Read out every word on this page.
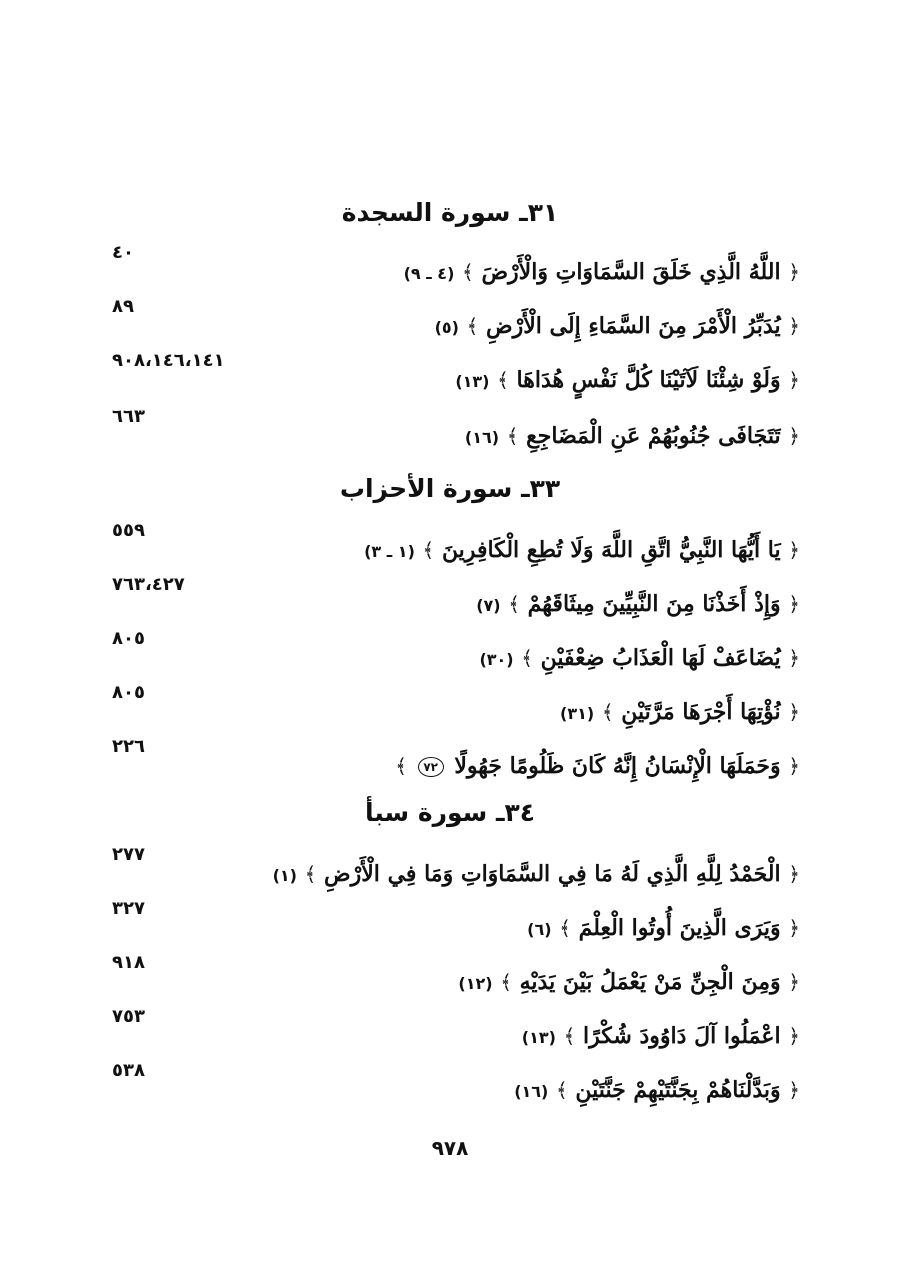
٣١ـ سورة السجدة
٤٠
﴿ اللَّهُ الَّذِي خَلَقَ السَّمَاوَاتِ وَالْأَرْضَ ﴾ (٤ ـ ٩)
٨٩
﴿ يُدَبِّرُ الْأَمْرَ مِنَ السَّمَاءِ إِلَى الْأَرْضِ ﴾ (٥)
٩٠٨،١٤٦،١٤١
﴿ وَلَوْ شِئْنَا لَآتَيْنَا كُلَّ نَفْسٍ هُدَاهَا ﴾ (١٣)
٦٦٣
﴿ تَتَجَافَى جُنُوبُهُمْ عَنِ الْمَضَاجِعِ ﴾ (١٦)
٣٣ـ سورة الأحزاب
٥٥٩
﴿ يَا أَيُّهَا النَّبِيُّ اتَّقِ اللَّهَ وَلَا تُطِعِ الْكَافِرِينَ ﴾ (١ ـ ٣)
٧٦٣،٤٢٧
﴿ وَإِذْ أَخَذْنَا مِنَ النَّبِيِّينَ مِيثَاقَهُمْ ﴾ (٧)
٨٠٥
﴿ يُضَاعَفْ لَهَا الْعَذَابُ ضِعْفَيْنِ ﴾ (٣٠)
٨٠٥
﴿ نُؤْتِهَا أَجْرَهَا مَرَّتَيْنِ ﴾ (٣١)
٢٢٦
﴿ وَحَمَلَهَا الْإِنْسَانُ إِنَّهُ كَانَ ظَلُومًا جَهُولًا ٧٢ ﴾
٣٤ـ سورة سبأ
٢٧٧
﴿ الْحَمْدُ لِلَّهِ الَّذِي لَهُ مَا فِي السَّمَاوَاتِ وَمَا فِي الْأَرْضِ ﴾ (١)
٣٢٧
﴿ وَيَرَى الَّذِينَ أُوتُوا الْعِلْمَ ﴾ (٦)
٩١٨
﴿ وَمِنَ الْجِنِّ مَنْ يَعْمَلُ بَيْنَ يَدَيْهِ ﴾ (١٢)
٧٥٣
﴿ اعْمَلُوا آلَ دَاوُودَ شُكْرًا ﴾ (١٣)
٥٣٨
﴿ وَبَدَّلْنَاهُمْ بِجَنَّتَيْهِمْ جَنَّتَيْنِ ﴾ (١٦)
٩٧٨
